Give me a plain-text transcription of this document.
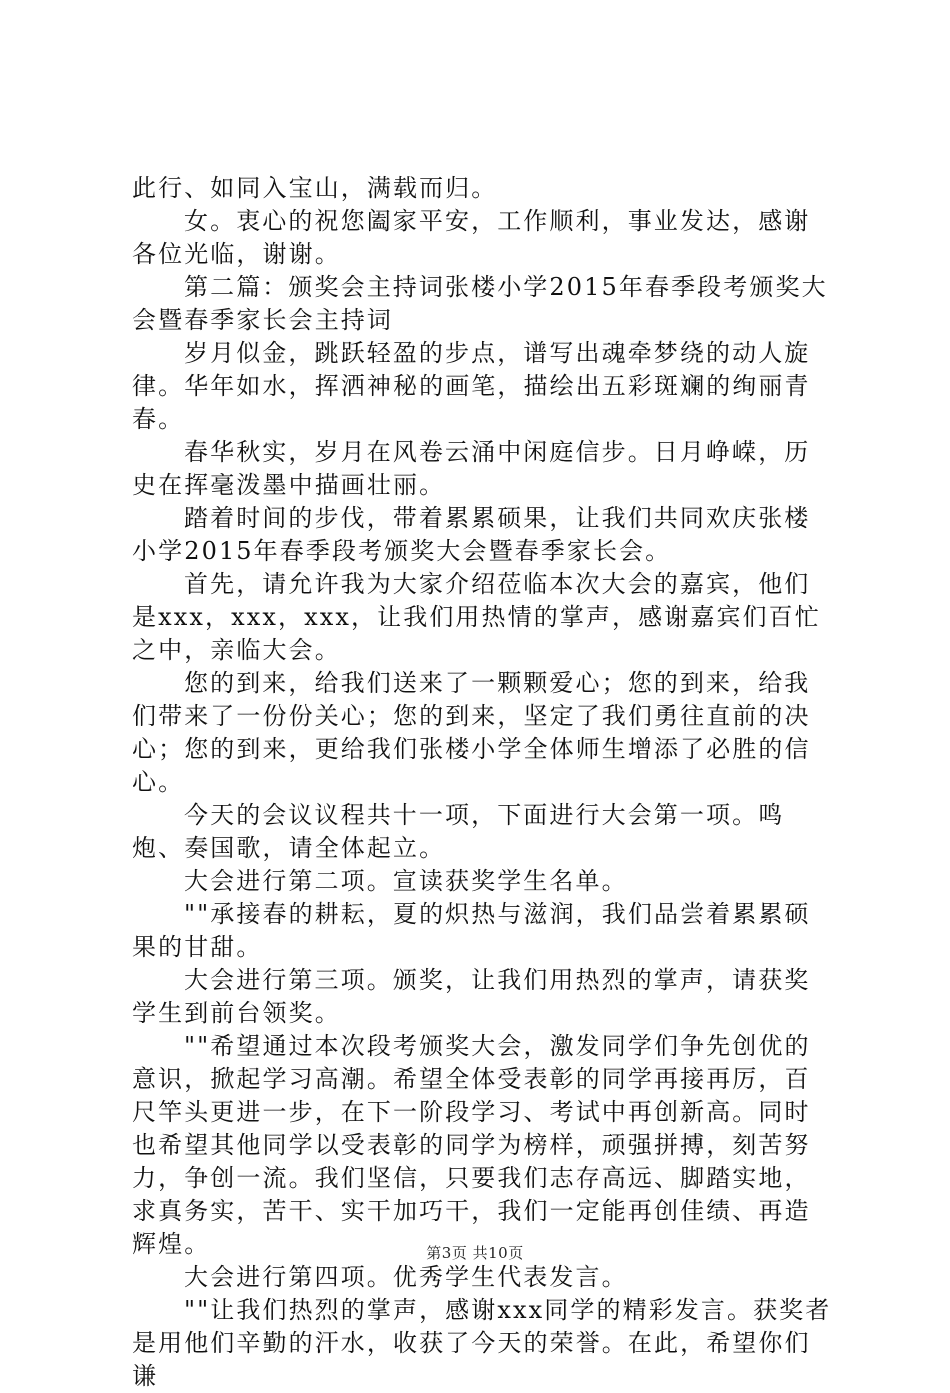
此行、如同入宝山，满载而归。

女。衷心的祝您阖家平安，工作顺利，事业发达，感谢各位光临，谢谢。

第二篇：颁奖会主持词张楼小学2015年春季段考颁奖大会暨春季家长会主持词

岁月似金，跳跃轻盈的步点，谱写出魂牵梦绕的动人旋律。华年如水，挥洒神秘的画笔，描绘出五彩斑斓的绚丽青春。

春华秋实，岁月在风卷云涌中闲庭信步。日月峥嵘，历史在挥毫泼墨中描画壮丽。

踏着时间的步伐，带着累累硕果，让我们共同欢庆张楼小学2015年春季段考颁奖大会暨春季家长会。

首先，请允许我为大家介绍莅临本次大会的嘉宾，他们是xxx，xxx，xxx，让我们用热情的掌声，感谢嘉宾们百忙之中，亲临大会。

您的到来，给我们送来了一颗颗爱心；您的到来，给我们带来了一份份关心；您的到来，坚定了我们勇往直前的决心；您的到来，更给我们张楼小学全体师生增添了必胜的信心。

今天的会议议程共十一项，下面进行大会第一项。鸣炮、奏国歌，请全体起立。

大会进行第二项。宣读获奖学生名单。

""承接春的耕耘，夏的炽热与滋润，我们品尝着累累硕果的甘甜。

大会进行第三项。颁奖，让我们用热烈的掌声，请获奖学生到前台领奖。

""希望通过本次段考颁奖大会，激发同学们争先创优的意识，掀起学习高潮。希望全体受表彰的同学再接再厉，百尺竿头更进一步，在下一阶段学习、考试中再创新高。同时也希望其他同学以受表彰的同学为榜样，顽强拼搏，刻苦努力，争创一流。我们坚信，只要我们志存高远、脚踏实地，求真务实，苦干、实干加巧干，我们一定能再创佳绩、再造辉煌。

大会进行第四项。优秀学生代表发言。

""让我们热烈的掌声，感谢xxx同学的精彩发言。获奖者是用他们辛勤的汗水，收获了今天的荣誉。在此，希望你们谦

第3页 共10页
